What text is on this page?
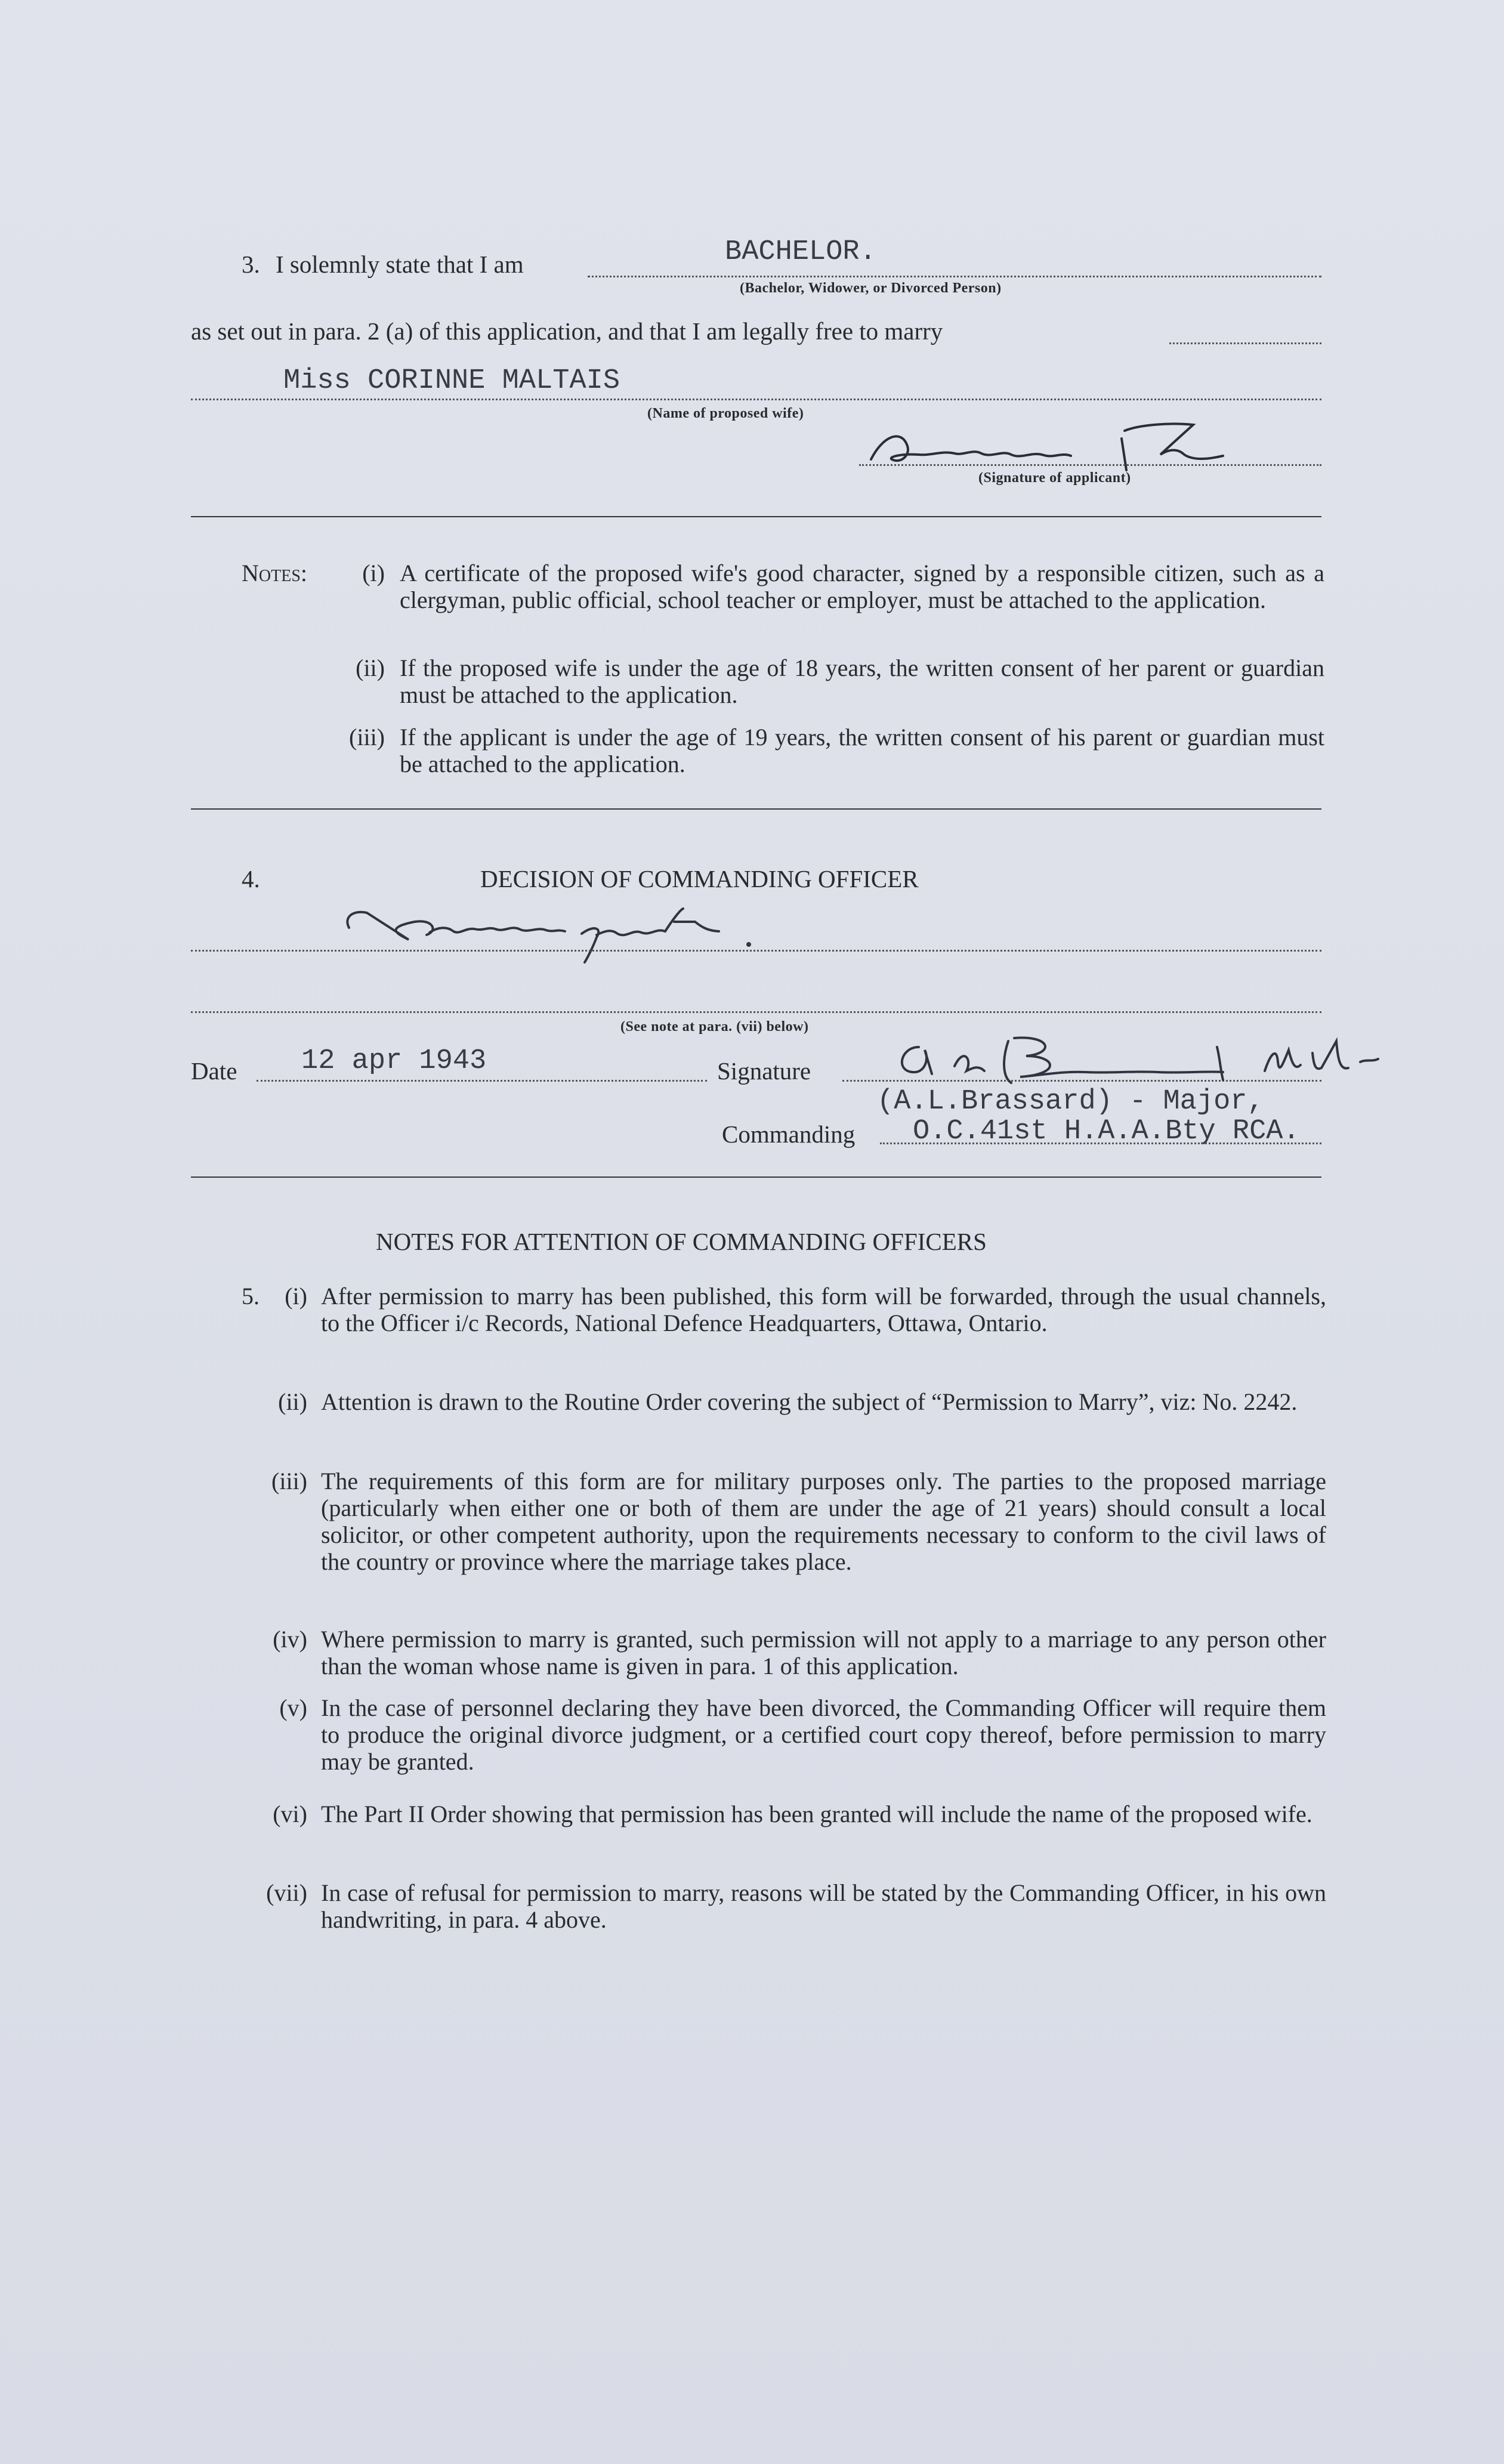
3. I solemnly state that I am	BACHELOR.
(Bachelor, Widower, or Divorced Person)
as set out in para. 2 (a) of this application, and that I am legally free to marry
Miss CORINNE MALTAIS
(Name of proposed wife)
(Signature of applicant)
Notes:	(i) A certificate of the proposed wife's good character, signed by a responsible citizen, such as a clergyman, public official, school teacher or employer, must be attached to the application.
(ii) If the proposed wife is under the age of 18 years, the written consent of her parent or guardian must be attached to the application.
(iii) If the applicant is under the age of 19 years, the written consent of his parent or guardian must be attached to the application.
4.	DECISION OF COMMANDING OFFICER
(See note at para. (vii) below)
Date 12 apr 1943	Signature
(A.L.Brassard) - Major,
Commanding O.C.41st H.A.A.Bty RCA.
NOTES FOR ATTENTION OF COMMANDING OFFICERS
5.	(i) After permission to marry has been published, this form will be forwarded, through the usual channels, to the Officer i/c Records, National Defence Headquarters, Ottawa, Ontario.
(ii) Attention is drawn to the Routine Order covering the subject of “Permission to Marry”, viz: No. 2242.
(iii) The requirements of this form are for military purposes only. The parties to the proposed marriage (particularly when either one or both of them are under the age of 21 years) should consult a local solicitor, or other competent authority, upon the requirements necessary to conform to the civil laws of the country or province where the marriage takes place.
(iv) Where permission to marry is granted, such permission will not apply to a marriage to any person other than the woman whose name is given in para. 1 of this application.
(v) In the case of personnel declaring they have been divorced, the Commanding Officer will require them to produce the original divorce judgment, or a certified court copy thereof, before permission to marry may be granted.
(vi) The Part II Order showing that permission has been granted will include the name of the proposed wife.
(vii) In case of refusal for permission to marry, reasons will be stated by the Commanding Officer, in his own handwriting, in para. 4 above.
